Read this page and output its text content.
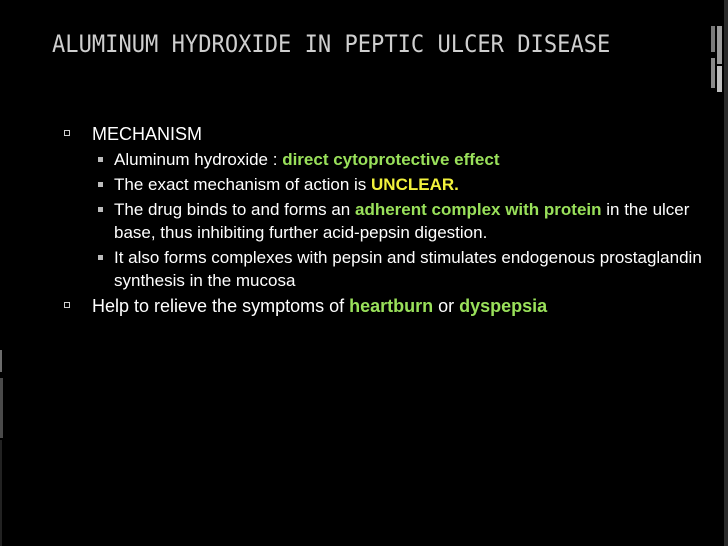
ALUMINUM HYDROXIDE IN PEPTIC ULCER DISEASE
MECHANISM
Aluminum hydroxide : direct cytoprotective effect
The exact mechanism of action is UNCLEAR.
The drug binds to and forms an adherent complex with protein in the ulcer base, thus inhibiting further acid-pepsin digestion.
It also forms complexes with pepsin and stimulates endogenous prostaglandin synthesis in the mucosa
Help to relieve the symptoms of heartburn or dyspepsia
